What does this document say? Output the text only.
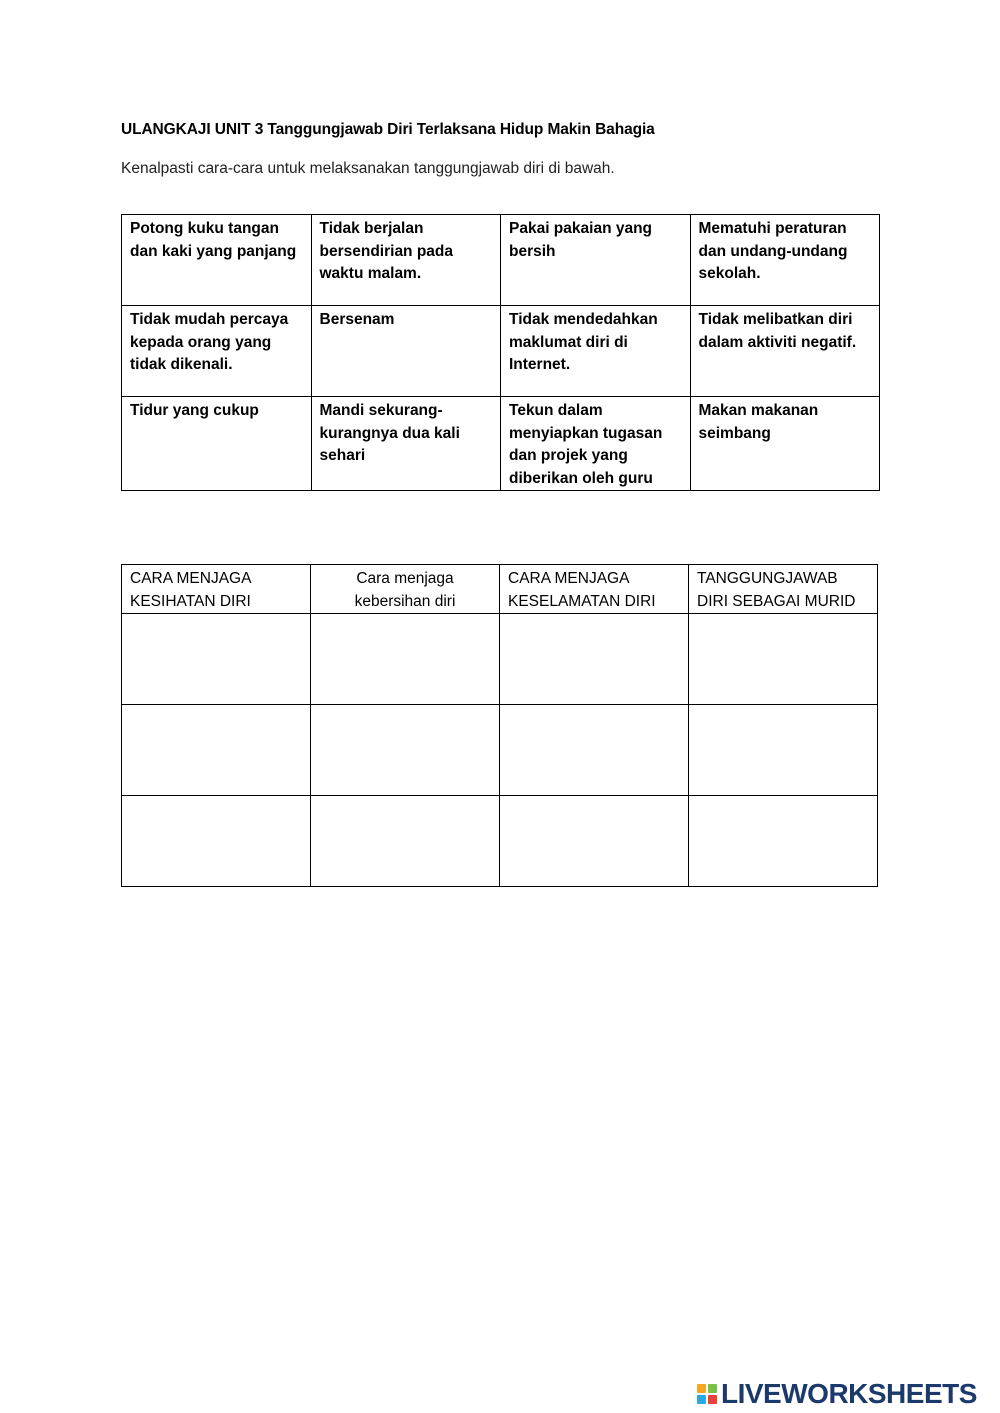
ULANGKAJI UNIT 3 Tanggungjawab Diri Terlaksana Hidup Makin Bahagia
Kenalpasti cara-cara untuk melaksanakan tanggungjawab diri di bawah.
Potong kuku tangan dan kaki yang panjang	Tidak berjalan bersendirian pada waktu malam.	Pakai pakaian yang bersih	Mematuhi peraturan dan undang-undang sekolah.
Tidak mudah percaya kepada orang yang tidak dikenali.	Bersenam	Tidak mendedahkan maklumat diri di Internet.	Tidak melibatkan diri dalam aktiviti negatif.
Tidur yang cukup	Mandi sekurang-kurangnya dua kali sehari	Tekun dalam menyiapkan tugasan dan projek yang diberikan oleh guru	Makan makanan seimbang
CARA MENJAGA KESIHATAN DIRI	Cara menjaga kebersihan diri	CARA MENJAGA KESELAMATAN DIRI	TANGGUNGJAWAB DIRI SEBAGAI MURID

LIVEWORKSHEETS
